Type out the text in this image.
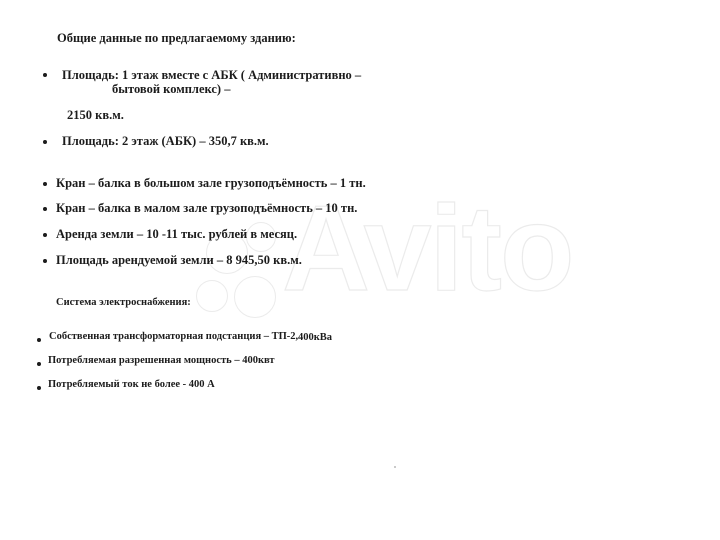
Avito
Общие данные по предлагаемому зданию:
Площадь: 1 этаж вместе с АБК ( Административно –
бытовой комплекс) –
2150 кв.м.
Площадь: 2 этаж (АБК) – 350,7 кв.м.
Кран – балка в большом зале грузоподъёмность – 1 тн.
Кран – балка в малом зале грузоподъёмность – 10 тн.
Аренда земли – 10 -11 тыс. рублей в месяц.
Площадь арендуемой земли – 8 945,50 кв.м.
Система электроснабжения:
Собственная трансформаторная подстанция – ТП-2, 400кВа
Потребляемая разрешенная мощность – 400квт
Потребляемый ток не более - 400 А
